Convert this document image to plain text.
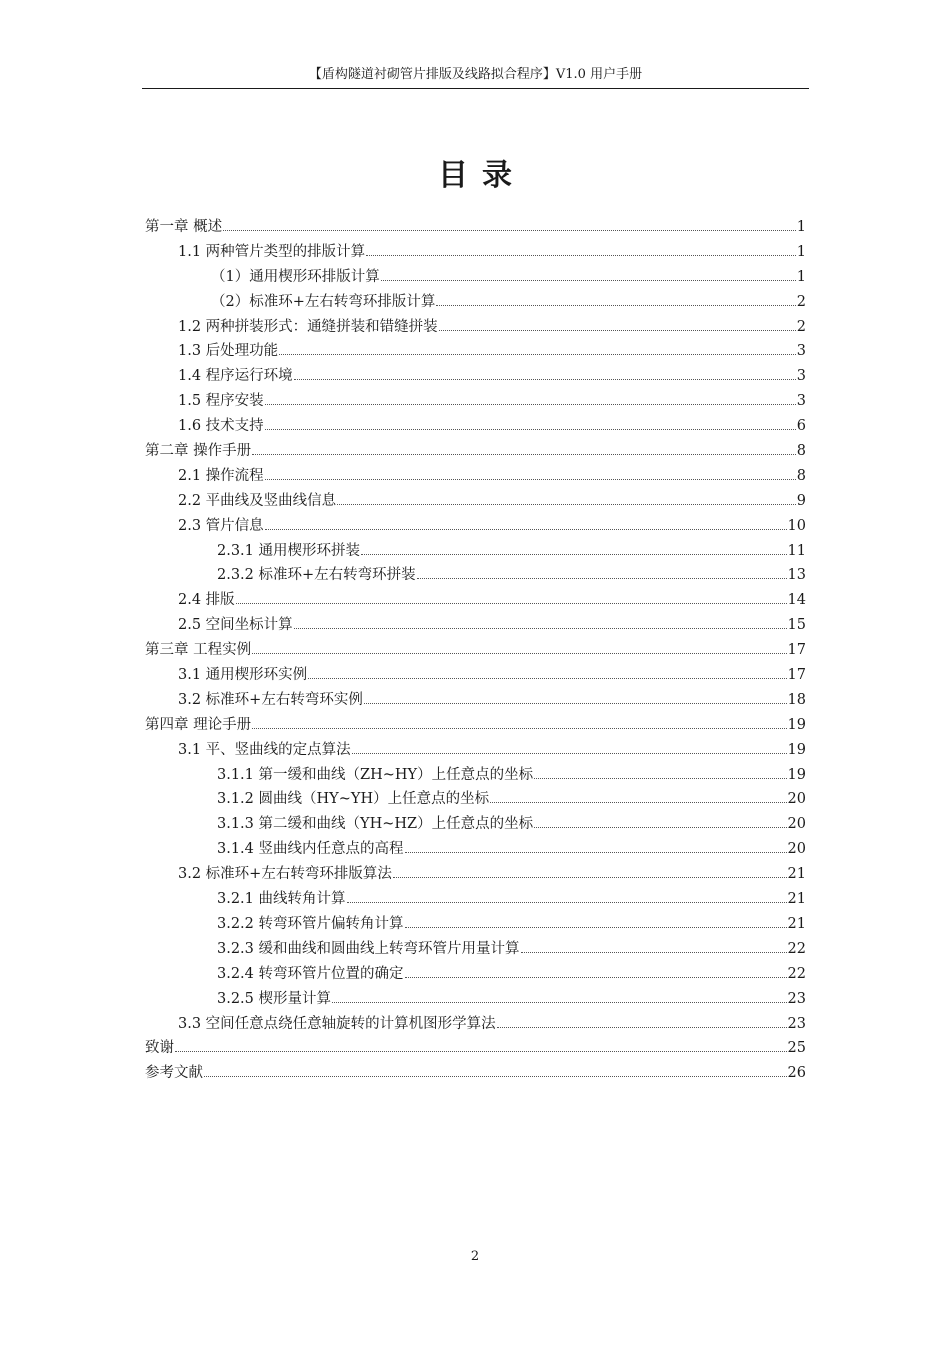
【盾构隧道衬砌管片排版及线路拟合程序】V1.0 用户手册
目录
第一章 概述	1
1.1 两种管片类型的排版计算	1
（1）通用楔形环排版计算	1
（2）标准环+左右转弯环排版计算	2
1.2 两种拼装形式：通缝拼装和错缝拼装	2
1.3 后处理功能	3
1.4 程序运行环境	3
1.5 程序安装	3
1.6 技术支持	6
第二章 操作手册	8
2.1 操作流程	8
2.2 平曲线及竖曲线信息	9
2.3 管片信息	10
2.3.1 通用楔形环拼装	11
2.3.2 标准环+左右转弯环拼装	13
2.4 排版	14
2.5 空间坐标计算	15
第三章 工程实例	17
3.1 通用楔形环实例	17
3.2 标准环+左右转弯环实例	18
第四章 理论手册	19
3.1 平、竖曲线的定点算法	19
3.1.1 第一缓和曲线（ZH~HY）上任意点的坐标	19
3.1.2 圆曲线（HY~YH）上任意点的坐标	20
3.1.3 第二缓和曲线（YH~HZ）上任意点的坐标	20
3.1.4 竖曲线内任意点的高程	20
3.2 标准环+左右转弯环排版算法	21
3.2.1 曲线转角计算	21
3.2.2 转弯环管片偏转角计算	21
3.2.3 缓和曲线和圆曲线上转弯环管片用量计算	22
3.2.4 转弯环管片位置的确定	22
3.2.5 楔形量计算	23
3.3 空间任意点绕任意轴旋转的计算机图形学算法	23
致谢	25
参考文献	26
2
